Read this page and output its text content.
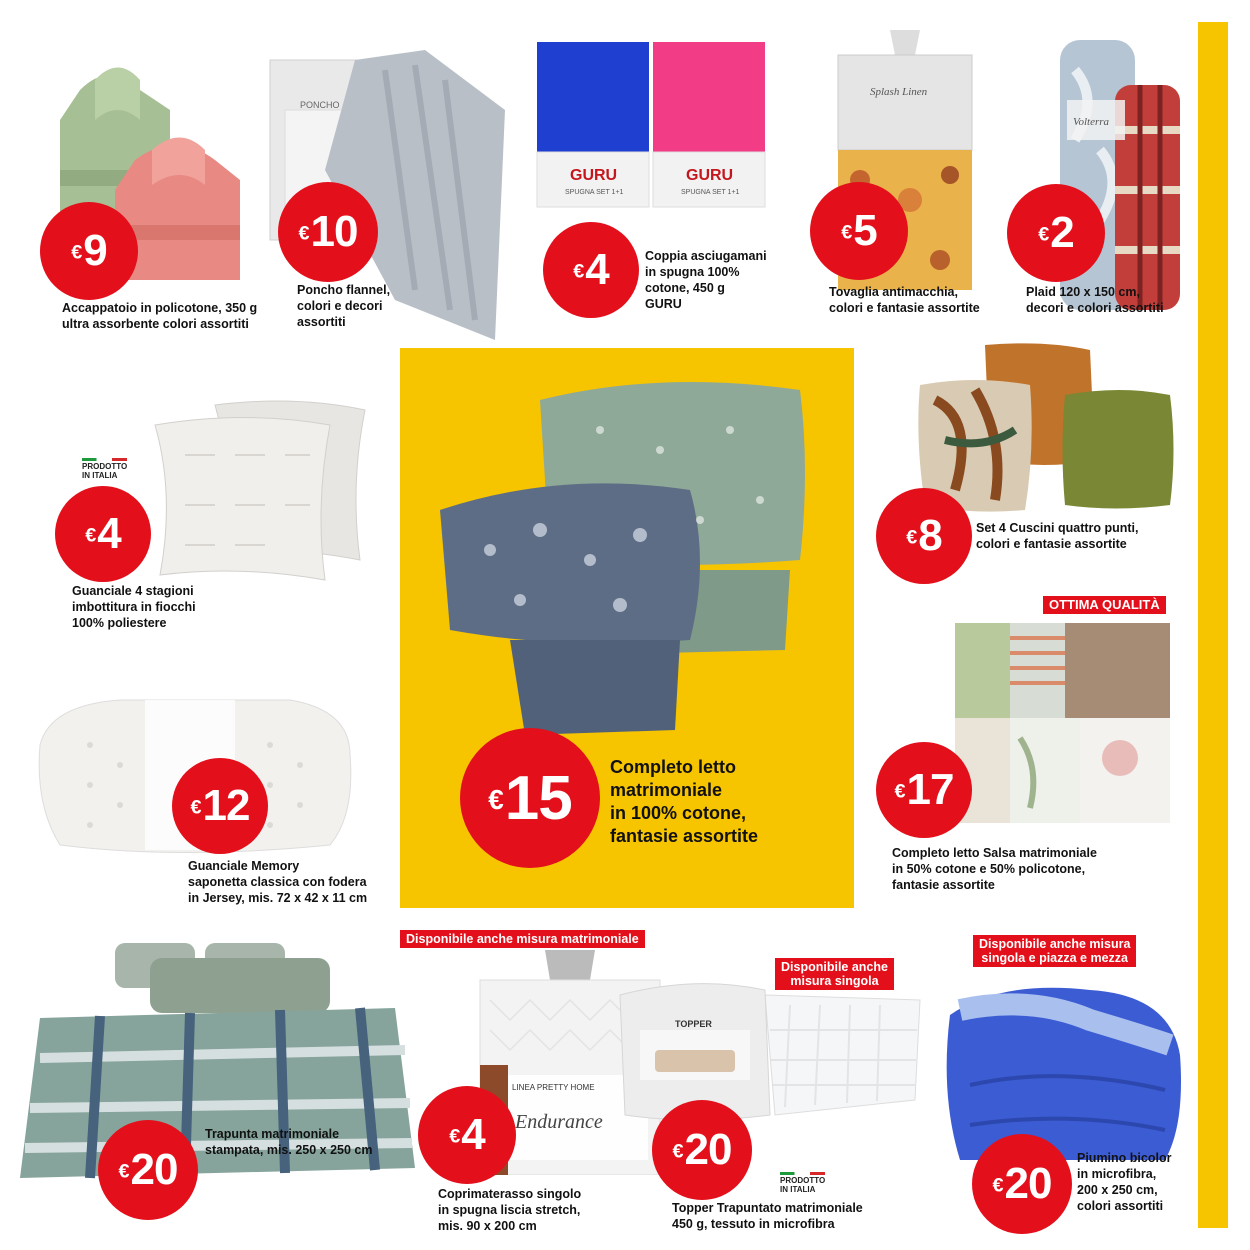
PONCHO
GURU	GURU
SPUGNA SET 1+1	SPUGNA SET 1+1
Splash Linen
Volterra
LINEA PRETTY HOME
Endurance
TOPPER
OTTIMA QUALITÀ
Disponibile anche misura matrimoniale
Disponibile anche
misura singola
Disponibile anche misura
singola e piazza e mezza
PRODOTTO
IN ITALIA
PRODOTTO
IN ITALIA
€ 9	€ 10
€ 4
€ 5	€ 2
€ 4
€ 15
€ 8
€ 17
€ 12
€ 20
€ 4	€ 20
€ 20
Accappatoio in policotone, 350 g
ultra assorbente colori assortiti
Poncho flannel,
colori e decori
assortiti

Coppia asciugamani
in spugna 100%
cotone, 450 g

GURU

Tovaglia antimacchia,
colori e fantasie assortite
Plaid 120 x 150 cm,
decori e colori assortiti
Guanciale 4 stagioni
imbottitura in fiocchi
100% poliestere
Completo letto
matrimoniale
in 100% cotone,
fantasie assortite
Set 4 Cuscini quattro punti,
colori e fantasie assortite
Completo letto Salsa matrimoniale
in 50% cotone e 50% policotone,
fantasie assortite
Guanciale Memory
saponetta classica con fodera
in Jersey, mis. 72 x 42 x 11 cm
Trapunta matrimoniale
stampata, mis. 250 x 250 cm
Coprimaterasso singolo
in spugna liscia stretch,
mis. 90 x 200 cm
Topper Trapuntato matrimoniale
450 g, tessuto in microfibra
Piumino bicolor
in microfibra,
200 x 250 cm,
colori assortiti
